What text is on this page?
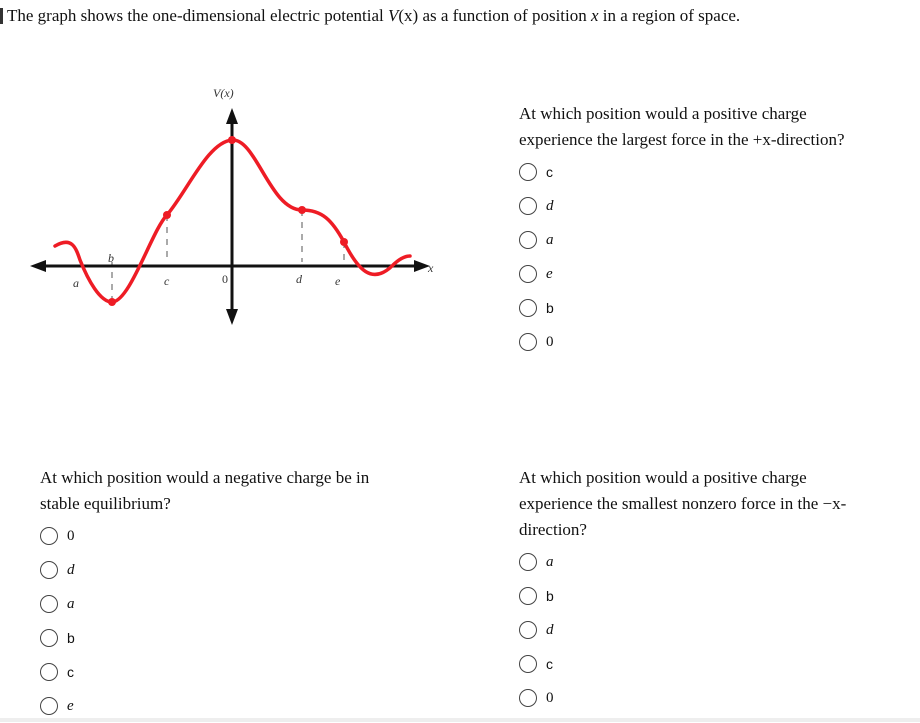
The graph shows the one-dimensional electric potential V(x) as a function of position x in a region of space.
V(x)
x
a
b
c	0	d	e
At which position would a positive charge
experience the largest force in the +x-direction?
c
d
a
e
b
0
At which position would a negative charge be in
stable equilibrium?
0
d
a
b
c
e
At which position would a positive charge
experience the smallest nonzero force in the −x-
direction?
a
b
d
c
0
